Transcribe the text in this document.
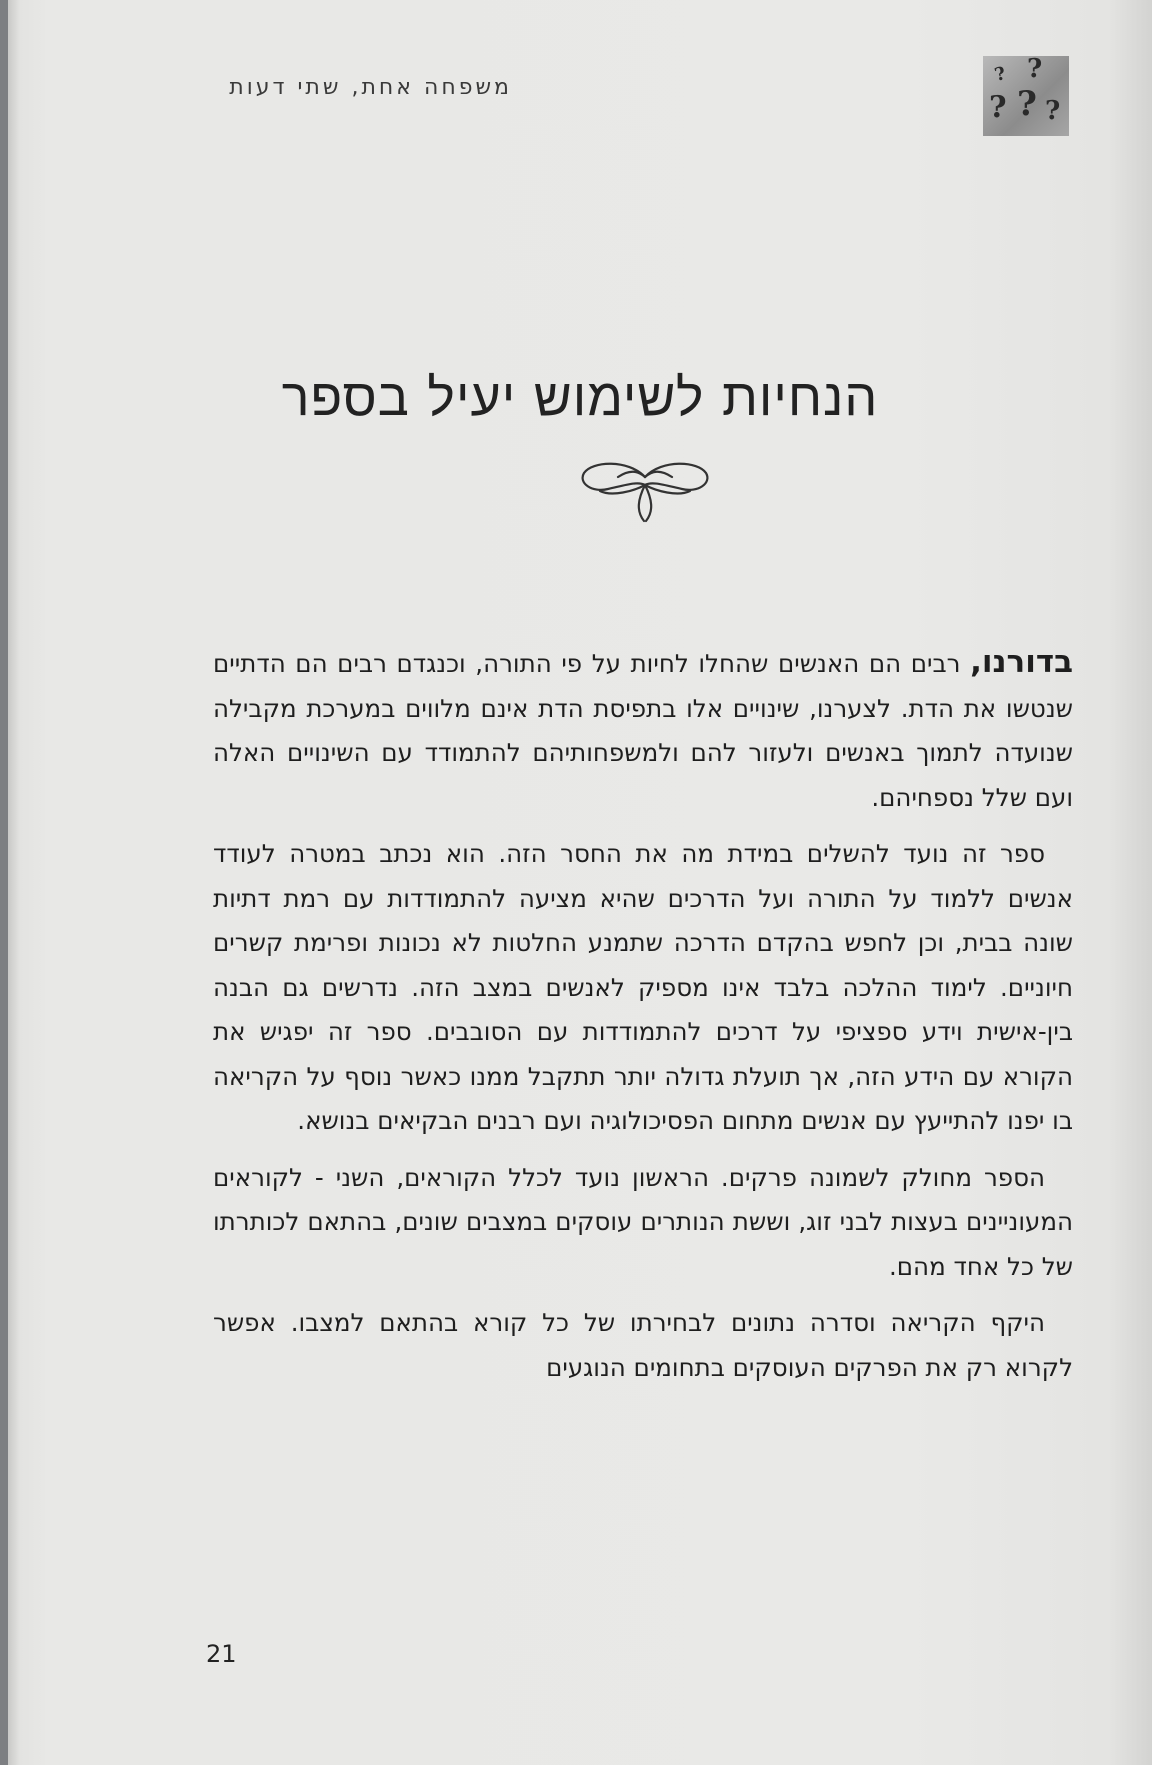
משפחה אחת, שתי דעות
?
?
? ? ?
הנחיות לשימוש יעיל בספר

בדורנו, רבים הם האנשים שהחלו לחיות על פי התורה, וכנגדם רבים הם הדתיים שנטשו את הדת. לצערנו, שינויים אלו בתפיסת הדת אינם מלווים במערכת מקבילה שנועדה לתמוך באנשים ולעזור להם ולמשפחותיהם להתמודד עם השינויים האלה ועם שלל נספחיהם.

ספר זה נועד להשלים במידת מה את החסר הזה. הוא נכתב במטרה לעודד אנשים ללמוד על התורה ועל הדרכים שהיא מציעה להתמודדות עם רמת דתיות שונה בבית, וכן לחפש בהקדם הדרכה שתמנע החלטות לא נכונות ופרימת קשרים חיוניים. לימוד ההלכה בלבד אינו מספיק לאנשים במצב הזה. נדרשים גם הבנה בין-אישית וידע ספציפי על דרכים להתמודדות עם הסובבים. ספר זה יפגיש את הקורא עם הידע הזה, אך תועלת גדולה יותר תתקבל ממנו כאשר נוסף על הקריאה בו יפנו להתייעץ עם אנשים מתחום הפסיכולוגיה ועם רבנים הבקיאים בנושא.

הספר מחולק לשמונה פרקים. הראשון נועד לכלל הקוראים, השני - לקוראים המעוניינים בעצות לבני זוג, וששת הנותרים עוסקים במצבים שונים, בהתאם לכותרתו של כל אחד מהם.

היקף הקריאה וסדרה נתונים לבחירתו של כל קורא בהתאם למצבו. אפשר לקרוא רק את הפרקים העוסקים בתחומים הנוגעים

21
